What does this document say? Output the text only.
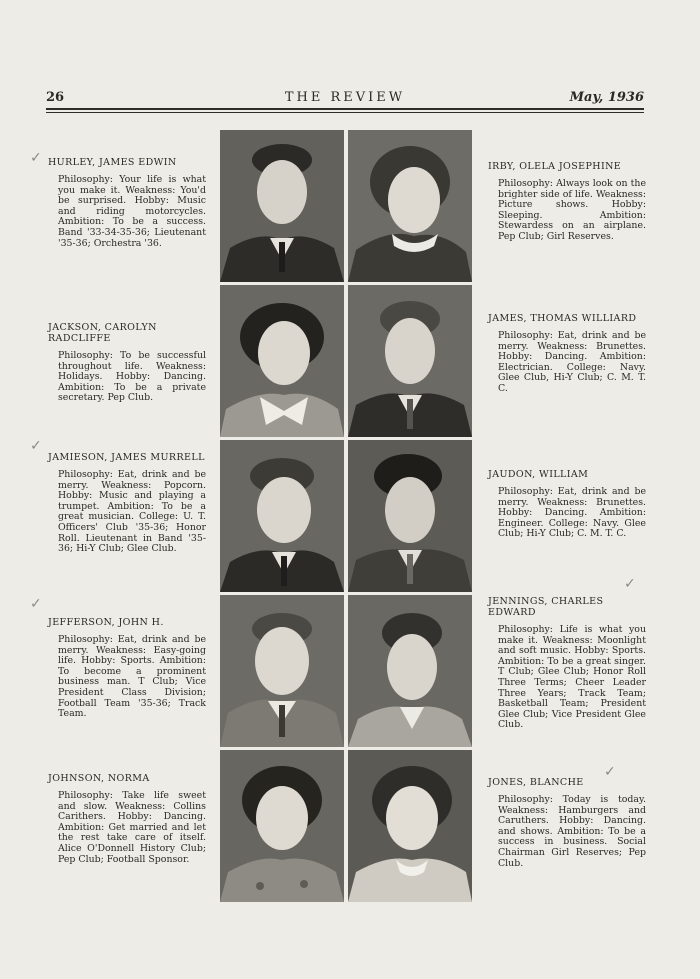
26	THE REVIEW	May, 1936
HURLEY, JAMES EDWIN
Philosophy: Your life is what you make it. Weakness: You'd be surprised. Hobby: Music and riding motorcycles. Ambition: To be a success. Band '33-34-35-36; Lieutenant '35-36; Orchestra '36.
JACKSON, CAROLYN RADCLIFFE
Philosophy: To be successful throughout life. Weakness: Holidays. Hobby: Dancing. Ambition: To be a private secretary. Pep Club.
JAMIESON, JAMES MURRELL
Philosophy: Eat, drink and be merry. Weakness: Popcorn. Hobby: Music and playing a trumpet. Ambition: To be a great musician. College: U. T. Officers' Club '35-36; Honor Roll. Lieutenant in Band '35-36; Hi-Y Club; Glee Club.
JEFFERSON, JOHN H.
Philosophy: Eat, drink and be merry. Weakness: Easy-going life. Hobby: Sports. Ambition: To become a prominent business man. T Club; Vice President Class Division; Football Team '35-36; Track Team.
JOHNSON, NORMA
Philosophy: Take life sweet and slow. Weakness: Collins Carithers. Hobby: Dancing. Ambition: Get married and let the rest take care of itself. Alice O'Donnell History Club; Pep Club; Football Sponsor.
IRBY, OLELA JOSEPHINE
Philosophy: Always look on the brighter side of life. Weakness: Picture shows. Hobby: Sleeping. Ambition: Stewardess on an airplane. Pep Club; Girl Reserves.
JAMES, THOMAS WILLIARD
Philosophy: Eat, drink and be merry. Weakness: Brunettes. Hobby: Dancing. Ambition: Electrician. College: Navy. Glee Club, Hi-Y Club; C. M. T. C.
JAUDON, WILLIAM
Philosophy: Eat, drink and be merry. Weakness: Brunettes. Hobby: Dancing. Ambition: Engineer. College: Navy. Glee Club; Hi-Y Club; C. M. T. C.
JENNINGS, CHARLES EDWARD
Philosophy: Life is what you make it. Weakness: Moonlight and soft music. Hobby: Sports. Ambition: To be a great singer. T Club; Glee Club; Honor Roll Three Terms; Cheer Leader Three Years; Track Team; Basketball Team; President Glee Club; Vice President Glee Club.
JONES, BLANCHE
Philosophy: Today is today. Weakness: Hamburgers and Caruthers. Hobby: Dancing. and shows. Ambition: To be a success in business. Social Chairman Girl Reserves; Pep Club.
✓
✓
✓
✓
✓
